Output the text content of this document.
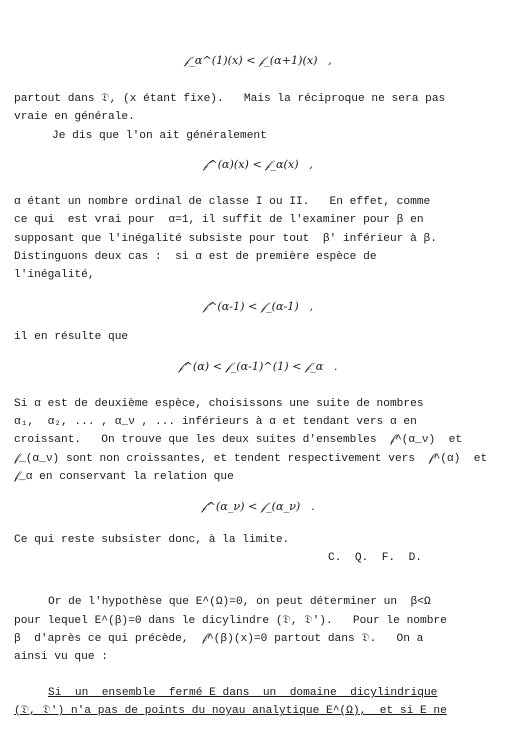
𝒻_α^(1)(x) < 𝒻_(α+1)(x)   ,
partout dans 𝔇, (x étant fixe).   Mais la réciproque ne sera pas
vraie en générale.
Je dis que l'on ait généralement
𝒻^(α)(x) < 𝒻_α(x)   ,
α étant un nombre ordinal de classe I ou II.   En effet, comme
ce qui  est vrai pour  α=1, il suffit de l'examiner pour β en
supposant que l'inégalité subsiste pour tout  β' inférieur à β.
Distinguons deux cas :  si α est de première espèce de
l'inégalité,
𝒻^(α-1) < 𝒻_(α-1)   ,
il en résulte que
𝒻^(α) < 𝒻_(α-1)^(1) < 𝒻_α   .
Si α est de deuxième espèce, choisissons une suite de nombres
α₁,  α₂, ... , α_ν , ... inférieurs à α et tendant vers α en
croissant.   On trouve que les deux suites d'ensembles  𝒻^(α_ν)  et
𝒻_(α_ν) sont non croissantes, et tendent respectivement vers  𝒻^(α)  et
𝒻_α en conservant la relation que
𝒻^(α_ν) < 𝒻_(α_ν)   .
Ce qui reste subsister donc, à la limite.
C.  Q.  F.  D.
Or de l'hypothèse que E^(Ω)=0, on peut déterminer un  β<Ω
pour lequel E^(β)=0 dans le dicylindre (𝔇, 𝔇').   Pour le nombre
β  d'après ce qui précède,  𝒻^(β)(x)=0 partout dans 𝔇.   On a
ainsi vu que :
Si  un  ensemble  fermé E dans  un  domaine  dicylindrique
(𝔇, 𝔇') n'a pas de points du noyau analytique E^(Ω),  et si E ne
